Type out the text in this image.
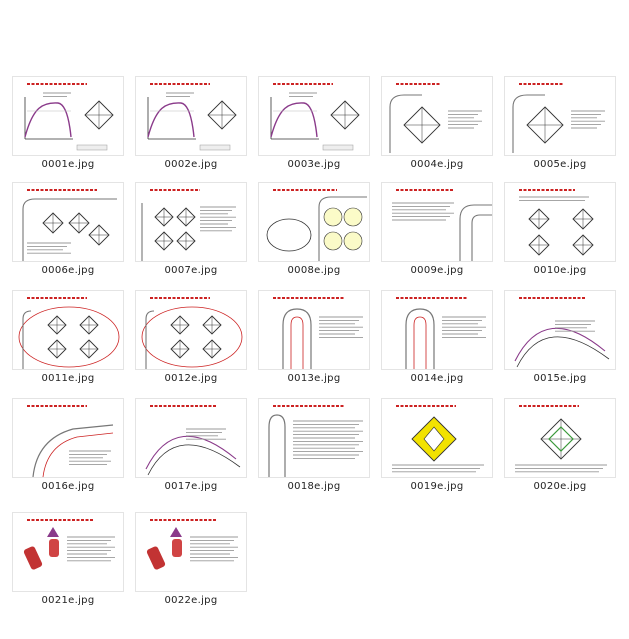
0001e.jpg	0002e.jpg	0003e.jpg	0004e.jpg	0005e.jpg
0006e.jpg	0007e.jpg	0008e.jpg	0009e.jpg	0010e.jpg
0011e.jpg	0012e.jpg	0013e.jpg	0014e.jpg	0015e.jpg
0016e.jpg	0017e.jpg	0018e.jpg	0019e.jpg	0020e.jpg
0021e.jpg	0022e.jpg
